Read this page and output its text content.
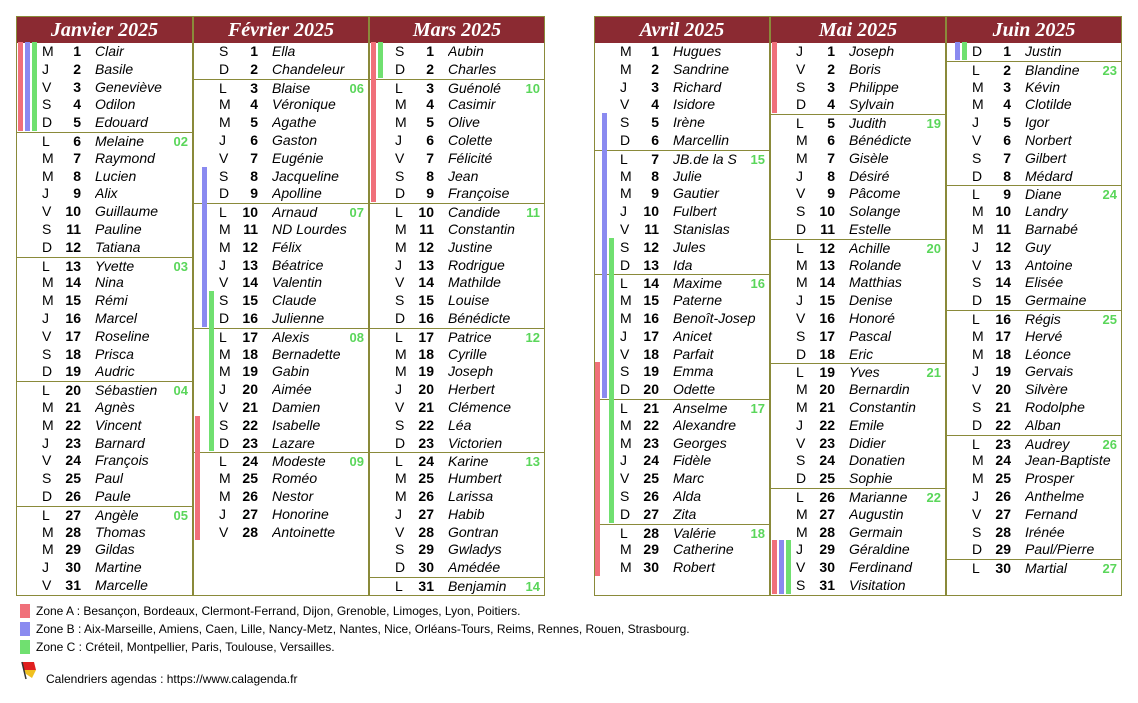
Janvier 2025
M	1 Clair
J	2 Basile
V	3 Geneviève
S	4 Odilon
D	5 Edouard
L	6 Melaine	02
M	7 Raymond
M	8 Lucien
J	9 Alix
V	10 Guillaume
S	11 Pauline
D 12 Tatiana
L	13 Yvette	03
M 14 Nina
M 15 Rémi
J	16 Marcel
V	17 Roseline
S	18 Prisca
D 19 Audric
L	20 Sébastien	04
M 21 Agnès
M 22 Vincent
J	23 Barnard
V	24 François
S	25 Paul
D 26 Paule
L	27 Angèle	05
M 28 Thomas
M 29 Gildas
J	30 Martine
V	31 Marcelle
Février 2025
S	1 Ella
D	2 Chandeleur
L	3 Blaise	06
M	4 Véronique
M	5 Agathe
J	6 Gaston
V	7 Eugénie
S	8 Jacqueline
D	9 Apolline
L	10 Arnaud	07
M 11 ND Lourdes
M 12 Félix
J	13 Béatrice
V	14 Valentin
S	15 Claude
D 16 Julienne
L	17 Alexis	08
M 18 Bernadette
M 19 Gabin
J	20 Aimée
V	21 Damien
S	22 Isabelle
D 23 Lazare
L	24 Modeste	09
M 25 Roméo
M 26 Nestor
J	27 Honorine
V	28 Antoinette
Mars 2025
S	1 Aubin
D	2 Charles
L	3 Guénolé	10
M	4 Casimir
M	5 Olive
J	6 Colette
V	7 Félicité
S	8 Jean
D	9 Françoise
L	10 Candide	11
M 11 Constantin
M 12 Justine
J	13 Rodrigue
V	14 Mathilde
S	15 Louise
D 16 Bénédicte
L	17 Patrice	12
M 18 Cyrille
M 19 Joseph
J	20 Herbert
V	21 Clémence
S	22 Léa
D 23 Victorien
L	24 Karine	13
M 25 Humbert
M 26 Larissa
J	27 Habib
V	28 Gontran
S	29 Gwladys
D 30 Amédée
L	31 Benjamin	14
Avril 2025
M	1 Hugues
M	2 Sandrine
J	3 Richard
V	4 Isidore
S	5 Irène
D	6 Marcellin
L	7 JB.de la S	15
M	8 Julie
M	9 Gautier
J	10 Fulbert
V	11 Stanislas
S	12 Jules
D 13 Ida
L	14 Maxime	16
M 15 Paterne
M 16 Benoît-Josep
J	17 Anicet
V	18 Parfait
S	19 Emma
D 20 Odette
L	21 Anselme	17
M 22 Alexandre
M 23 Georges
J	24 Fidèle
V	25 Marc
S	26 Alda
D 27 Zita
L	28 Valérie	18
M 29 Catherine
M 30 Robert
Mai 2025
J	1 Joseph
V	2 Boris
S	3 Philippe
D	4 Sylvain
L	5 Judith	19
M	6 Bénédicte
M	7 Gisèle
J	8 Désiré
V	9 Pâcome
S	10 Solange
D	11 Estelle
L	12 Achille	20
M 13 Rolande
M 14 Matthias
J	15 Denise
V	16 Honoré
S	17 Pascal
D 18 Eric
L	19 Yves	21
M 20 Bernardin
M 21 Constantin
J	22 Emile
V	23 Didier
S	24 Donatien
D 25 Sophie
L	26 Marianne	22
M 27 Augustin
M 28 Germain
J	29 Géraldine
V	30 Ferdinand
S	31 Visitation
Juin 2025
D	1 Justin
L	2 Blandine	23
M	3 Kévin
M	4 Clotilde
J	5 Igor
V	6 Norbert
S	7 Gilbert
D	8 Médard
L	9 Diane	24
M 10 Landry
M 11 Barnabé
J	12 Guy
V	13 Antoine
S	14 Elisée
D 15 Germaine
L	16 Régis	25
M 17 Hervé
M 18 Léonce
J	19 Gervais
V	20 Silvère
S	21 Rodolphe
D 22 Alban
L	23 Audrey	26
M 24 Jean-Baptiste
M 25 Prosper
J	26 Anthelme
V	27 Fernand
S	28 Irénée
D 29 Paul/Pierre
L	30 Martial	27
Zone A : Besançon, Bordeaux, Clermont-Ferrand, Dijon, Grenoble, Limoges, Lyon, Poitiers.
Zone B : Aix-Marseille, Amiens, Caen, Lille, Nancy-Metz, Nantes, Nice, Orléans-Tours, Reims, Rennes, Rouen, Strasbourg.
Zone C : Créteil, Montpellier, Paris, Toulouse, Versailles.
Calendriers agendas : https://www.calagenda.fr
